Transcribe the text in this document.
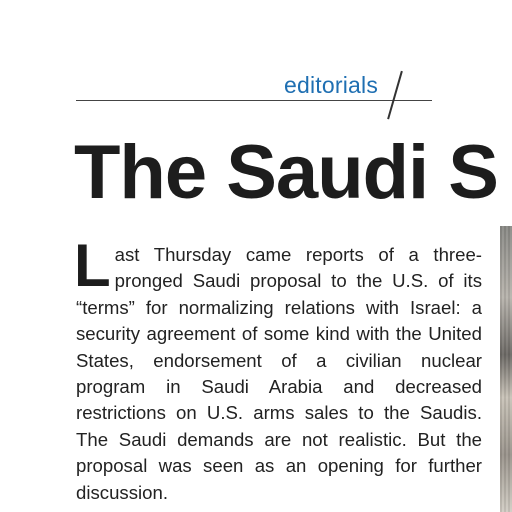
editorials
The Saudi S
Last Thursday came reports of a three-pronged Saudi proposal to the U.S. of its “terms” for normalizing relations with Israel: a security agreement of some kind with the United States, endorsement of a civilian nuclear program in Saudi Arabia and decreased restrictions on U.S. arms sales to the Saudis. The Saudi demands are not realistic. But the proposal was seen as an opening for further discussion.
